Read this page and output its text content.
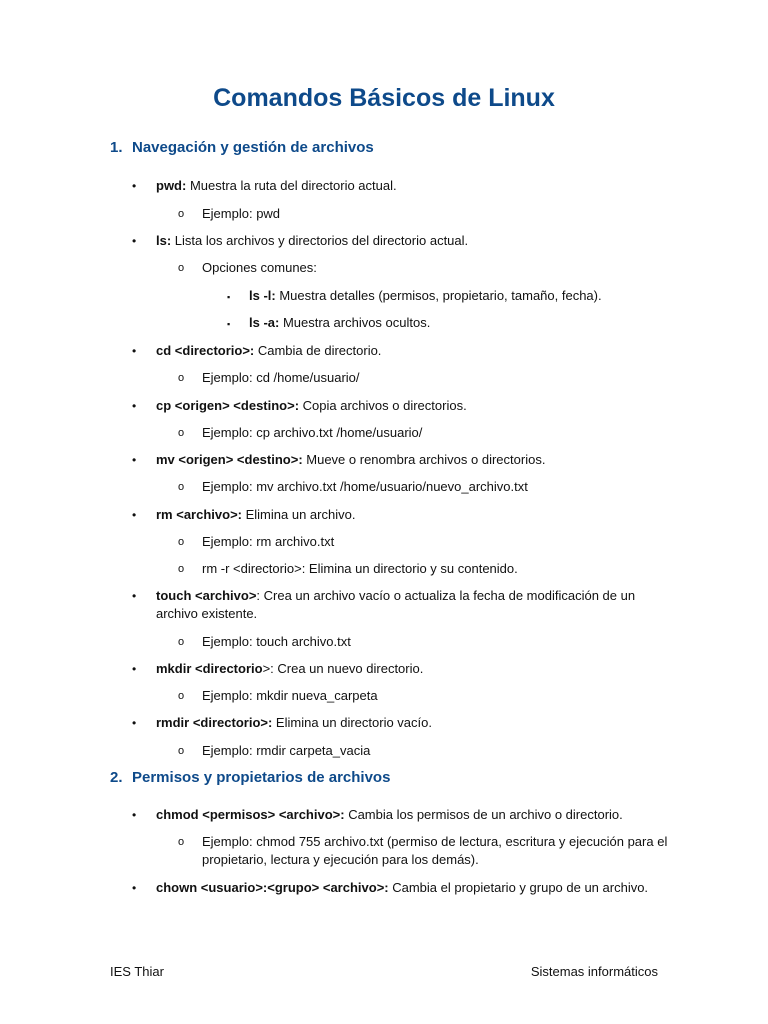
Comandos Básicos de Linux
1. Navegación y gestión de archivos
• pwd: Muestra la ruta del directorio actual.
o Ejemplo: pwd
• ls: Lista los archivos y directorios del directorio actual.
o Opciones comunes:
▪ ls -l: Muestra detalles (permisos, propietario, tamaño, fecha).
▪ ls -a: Muestra archivos ocultos.
• cd <directorio>: Cambia de directorio.
o Ejemplo: cd /home/usuario/
• cp <origen> <destino>: Copia archivos o directorios.
o Ejemplo: cp archivo.txt /home/usuario/
• mv <origen> <destino>: Mueve o renombra archivos o directorios.
o Ejemplo: mv archivo.txt /home/usuario/nuevo_archivo.txt
• rm <archivo>: Elimina un archivo.
o Ejemplo: rm archivo.txt
o rm -r <directorio>: Elimina un directorio y su contenido.
• touch <archivo>: Crea un archivo vacío o actualiza la fecha de modificación de un archivo existente.
o Ejemplo: touch archivo.txt
• mkdir <directorio>: Crea un nuevo directorio.
o Ejemplo: mkdir nueva_carpeta
• rmdir <directorio>: Elimina un directorio vacío.
o Ejemplo: rmdir carpeta_vacia
2. Permisos y propietarios de archivos
• chmod <permisos> <archivo>: Cambia los permisos de un archivo o directorio.
o Ejemplo: chmod 755 archivo.txt (permiso de lectura, escritura y ejecución para el propietario, lectura y ejecución para los demás).
• chown <usuario>:<grupo> <archivo>: Cambia el propietario y grupo de un archivo.
IES Thiar	Sistemas informáticos
